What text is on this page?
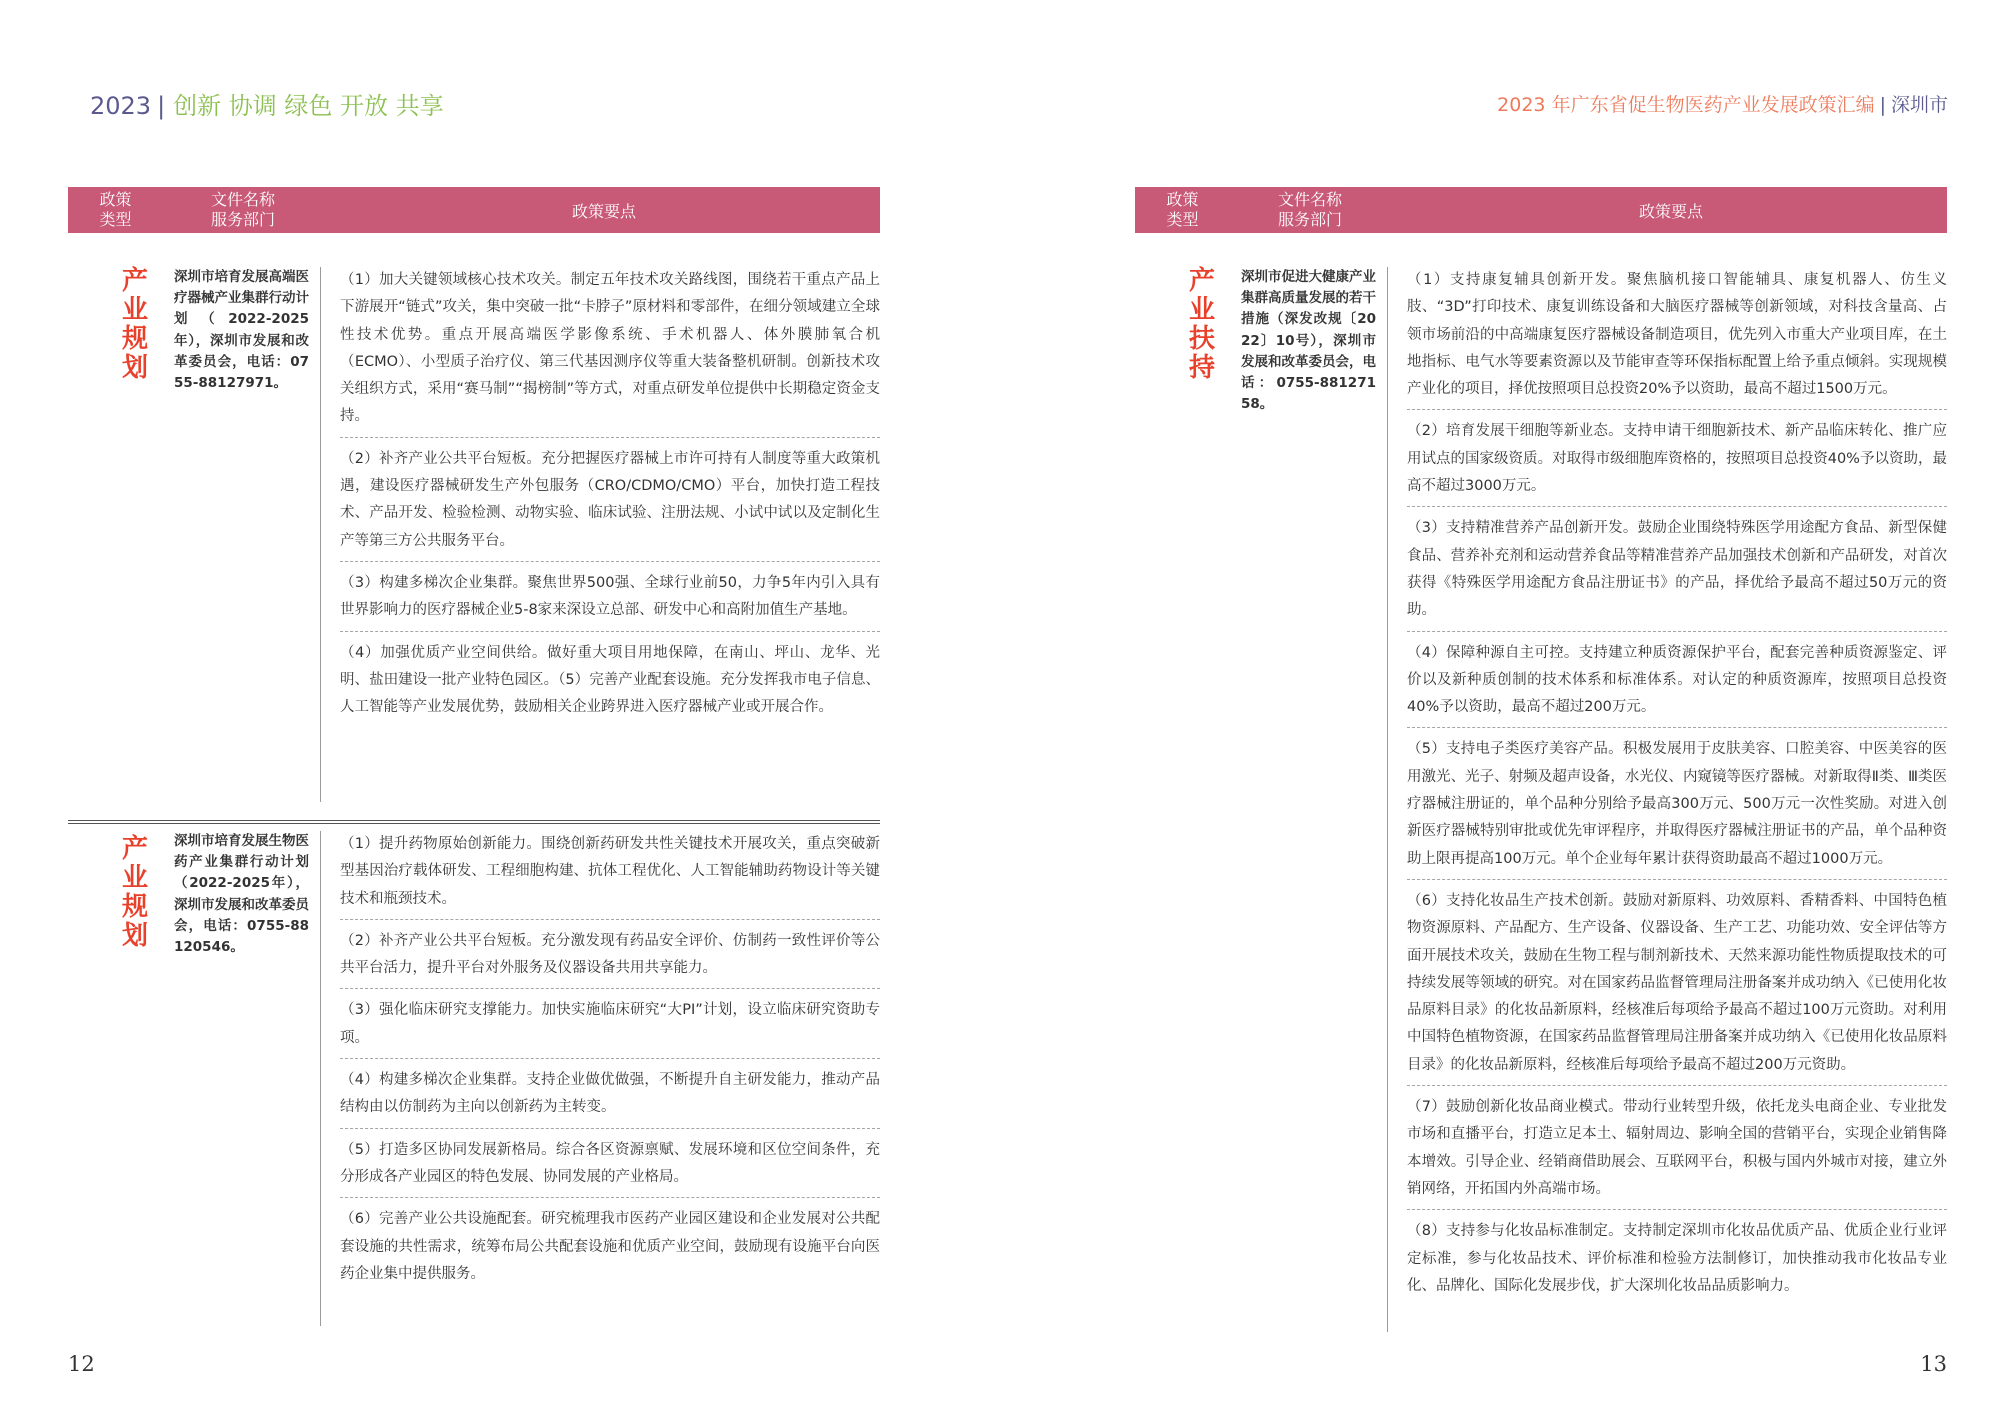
2023 | 创新 协调 绿色 开放 共享
政策
类型
文件名称
服务部门	政策要点
产业规划
深圳市培育发展高端医疗器械产业集群行动计划（2022-2025年），深圳市发展和改革委员会，电话：0755-88127971。
（1）加大关键领域核心技术攻关。制定五年技术攻关路线图，围绕若干重点产品上下游展开“链式”攻关，集中突破一批“卡脖子”原材料和零部件，在细分领域建立全球性技术优势。重点开展高端医学影像系统、手术机器人、体外膜肺氧合机（ECMO）、小型质子治疗仪、第三代基因测序仪等重大装备整机研制。创新技术攻关组织方式，采用“赛马制”“揭榜制”等方式，对重点研发单位提供中长期稳定资金支持。
（2）补齐产业公共平台短板。充分把握医疗器械上市许可持有人制度等重大政策机遇，建设医疗器械研发生产外包服务（CRO/CDMO/CMO）平台，加快打造工程技术、产品开发、检验检测、动物实验、临床试验、注册法规、小试中试以及定制化生产等第三方公共服务平台。
（3）构建多梯次企业集群。聚焦世界500强、全球行业前50，力争5年内引入具有世界影响力的医疗器械企业5-8家来深设立总部、研发中心和高附加值生产基地。
（4）加强优质产业空间供给。做好重大项目用地保障，在南山、坪山、龙华、光明、盐田建设一批产业特色园区。（5）完善产业配套设施。充分发挥我市电子信息、人工智能等产业发展优势，鼓励相关企业跨界进入医疗器械产业或开展合作。
产业规划
深圳市培育发展生物医药产业集群行动计划（2022-2025年），深圳市发展和改革委员会，电话：0755-88120546。
（1）提升药物原始创新能力。围绕创新药研发共性关键技术开展攻关，重点突破新型基因治疗载体研发、工程细胞构建、抗体工程优化、人工智能辅助药物设计等关键技术和瓶颈技术。
（2）补齐产业公共平台短板。充分激发现有药品安全评价、仿制药一致性评价等公共平台活力，提升平台对外服务及仪器设备共用共享能力。
（3）强化临床研究支撑能力。加快实施临床研究“大PI”计划，设立临床研究资助专项。
（4）构建多梯次企业集群。支持企业做优做强，不断提升自主研发能力，推动产品结构由以仿制药为主向以创新药为主转变。
（5）打造多区协同发展新格局。综合各区资源禀赋、发展环境和区位空间条件，充分形成各产业园区的特色发展、协同发展的产业格局。
（6）完善产业公共设施配套。研究梳理我市医药产业园区建设和企业发展对公共配套设施的共性需求，统筹布局公共配套设施和优质产业空间，鼓励现有设施平台向医药企业集中提供服务。
12
2023 年广东省促生物医药产业发展政策汇编 | 深圳市
政策
类型
文件名称
服务部门	政策要点
产业扶持
深圳市促进大健康产业集群高质量发展的若干措施（深发改规〔2022〕10号），深圳市发展和改革委员会，电话：0755-88127158。
（1）支持康复辅具创新开发。聚焦脑机接口智能辅具、康复机器人、仿生义肢、“3D”打印技术、康复训练设备和大脑医疗器械等创新领域，对科技含量高、占领市场前沿的中高端康复医疗器械设备制造项目，优先列入市重大产业项目库，在土地指标、电气水等要素资源以及节能审查等环保指标配置上给予重点倾斜。实现规模产业化的项目，择优按照项目总投资20%予以资助，最高不超过1500万元。
（2）培育发展干细胞等新业态。支持申请干细胞新技术、新产品临床转化、推广应用试点的国家级资质。对取得市级细胞库资格的，按照项目总投资40%予以资助，最高不超过3000万元。
（3）支持精准营养产品创新开发。鼓励企业围绕特殊医学用途配方食品、新型保健食品、营养补充剂和运动营养食品等精准营养产品加强技术创新和产品研发，对首次获得《特殊医学用途配方食品注册证书》的产品，择优给予最高不超过50万元的资助。
（4）保障种源自主可控。支持建立种质资源保护平台，配套完善种质资源鉴定、评价以及新种质创制的技术体系和标准体系。对认定的种质资源库，按照项目总投资40%予以资助，最高不超过200万元。
（5）支持电子类医疗美容产品。积极发展用于皮肤美容、口腔美容、中医美容的医用激光、光子、射频及超声设备，水光仪、内窥镜等医疗器械。对新取得Ⅱ类、Ⅲ类医疗器械注册证的，单个品种分别给予最高300万元、500万元一次性奖励。对进入创新医疗器械特别审批或优先审评程序，并取得医疗器械注册证书的产品，单个品种资助上限再提高100万元。单个企业每年累计获得资助最高不超过1000万元。
（6）支持化妆品生产技术创新。鼓励对新原料、功效原料、香精香料、中国特色植物资源原料、产品配方、生产设备、仪器设备、生产工艺、功能功效、安全评估等方面开展技术攻关，鼓励在生物工程与制剂新技术、天然来源功能性物质提取技术的可持续发展等领域的研究。对在国家药品监督管理局注册备案并成功纳入《已使用化妆品原料目录》的化妆品新原料，经核准后每项给予最高不超过100万元资助。对利用中国特色植物资源，在国家药品监督管理局注册备案并成功纳入《已使用化妆品原料目录》的化妆品新原料，经核准后每项给予最高不超过200万元资助。
（7）鼓励创新化妆品商业模式。带动行业转型升级，依托龙头电商企业、专业批发市场和直播平台，打造立足本土、辐射周边、影响全国的营销平台，实现企业销售降本增效。引导企业、经销商借助展会、互联网平台，积极与国内外城市对接，建立外销网络，开拓国内外高端市场。
（8）支持参与化妆品标准制定。支持制定深圳市化妆品优质产品、优质企业行业评定标准，参与化妆品技术、评价标准和检验方法制修订，加快推动我市化妆品专业化、品牌化、国际化发展步伐，扩大深圳化妆品品质影响力。
13
